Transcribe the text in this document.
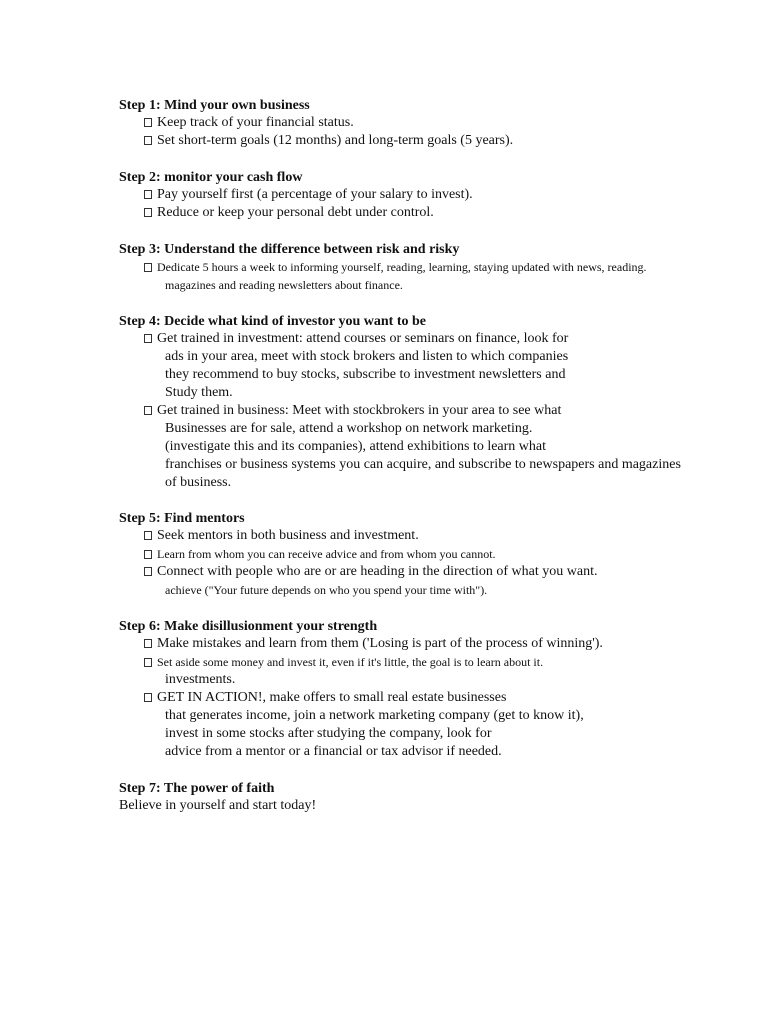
Step 1: Mind your own business
Keep track of your financial status.
Set short-term goals (12 months) and long-term goals (5 years).
Step 2: monitor your cash flow
Pay yourself first (a percentage of your salary to invest).
Reduce or keep your personal debt under control.
Step 3: Understand the difference between risk and risky
Dedicate 5 hours a week to informing yourself, reading, learning, staying updated with news, reading.
magazines and reading newsletters about finance.
Step 4: Decide what kind of investor you want to be
Get trained in investment: attend courses or seminars on finance, look for
ads in your area, meet with stock brokers and listen to which companies
they recommend to buy stocks, subscribe to investment newsletters and
Study them.
Get trained in business: Meet with stockbrokers in your area to see what
Businesses are for sale, attend a workshop on network marketing.
(investigate this and its companies), attend exhibitions to learn what
franchises or business systems you can acquire, and subscribe to newspapers and magazines
of business.
Step 5: Find mentors
Seek mentors in both business and investment.
Learn from whom you can receive advice and from whom you cannot.
Connect with people who are or are heading in the direction of what you want.
achieve ("Your future depends on who you spend your time with").
Step 6: Make disillusionment your strength
Make mistakes and learn from them ('Losing is part of the process of winning').
Set aside some money and invest it, even if it's little, the goal is to learn about it.
investments.
GET IN ACTION!, make offers to small real estate businesses
that generates income, join a network marketing company (get to know it),
invest in some stocks after studying the company, look for
advice from a mentor or a financial or tax advisor if needed.
Step 7: The power of faith
Believe in yourself and start today!
